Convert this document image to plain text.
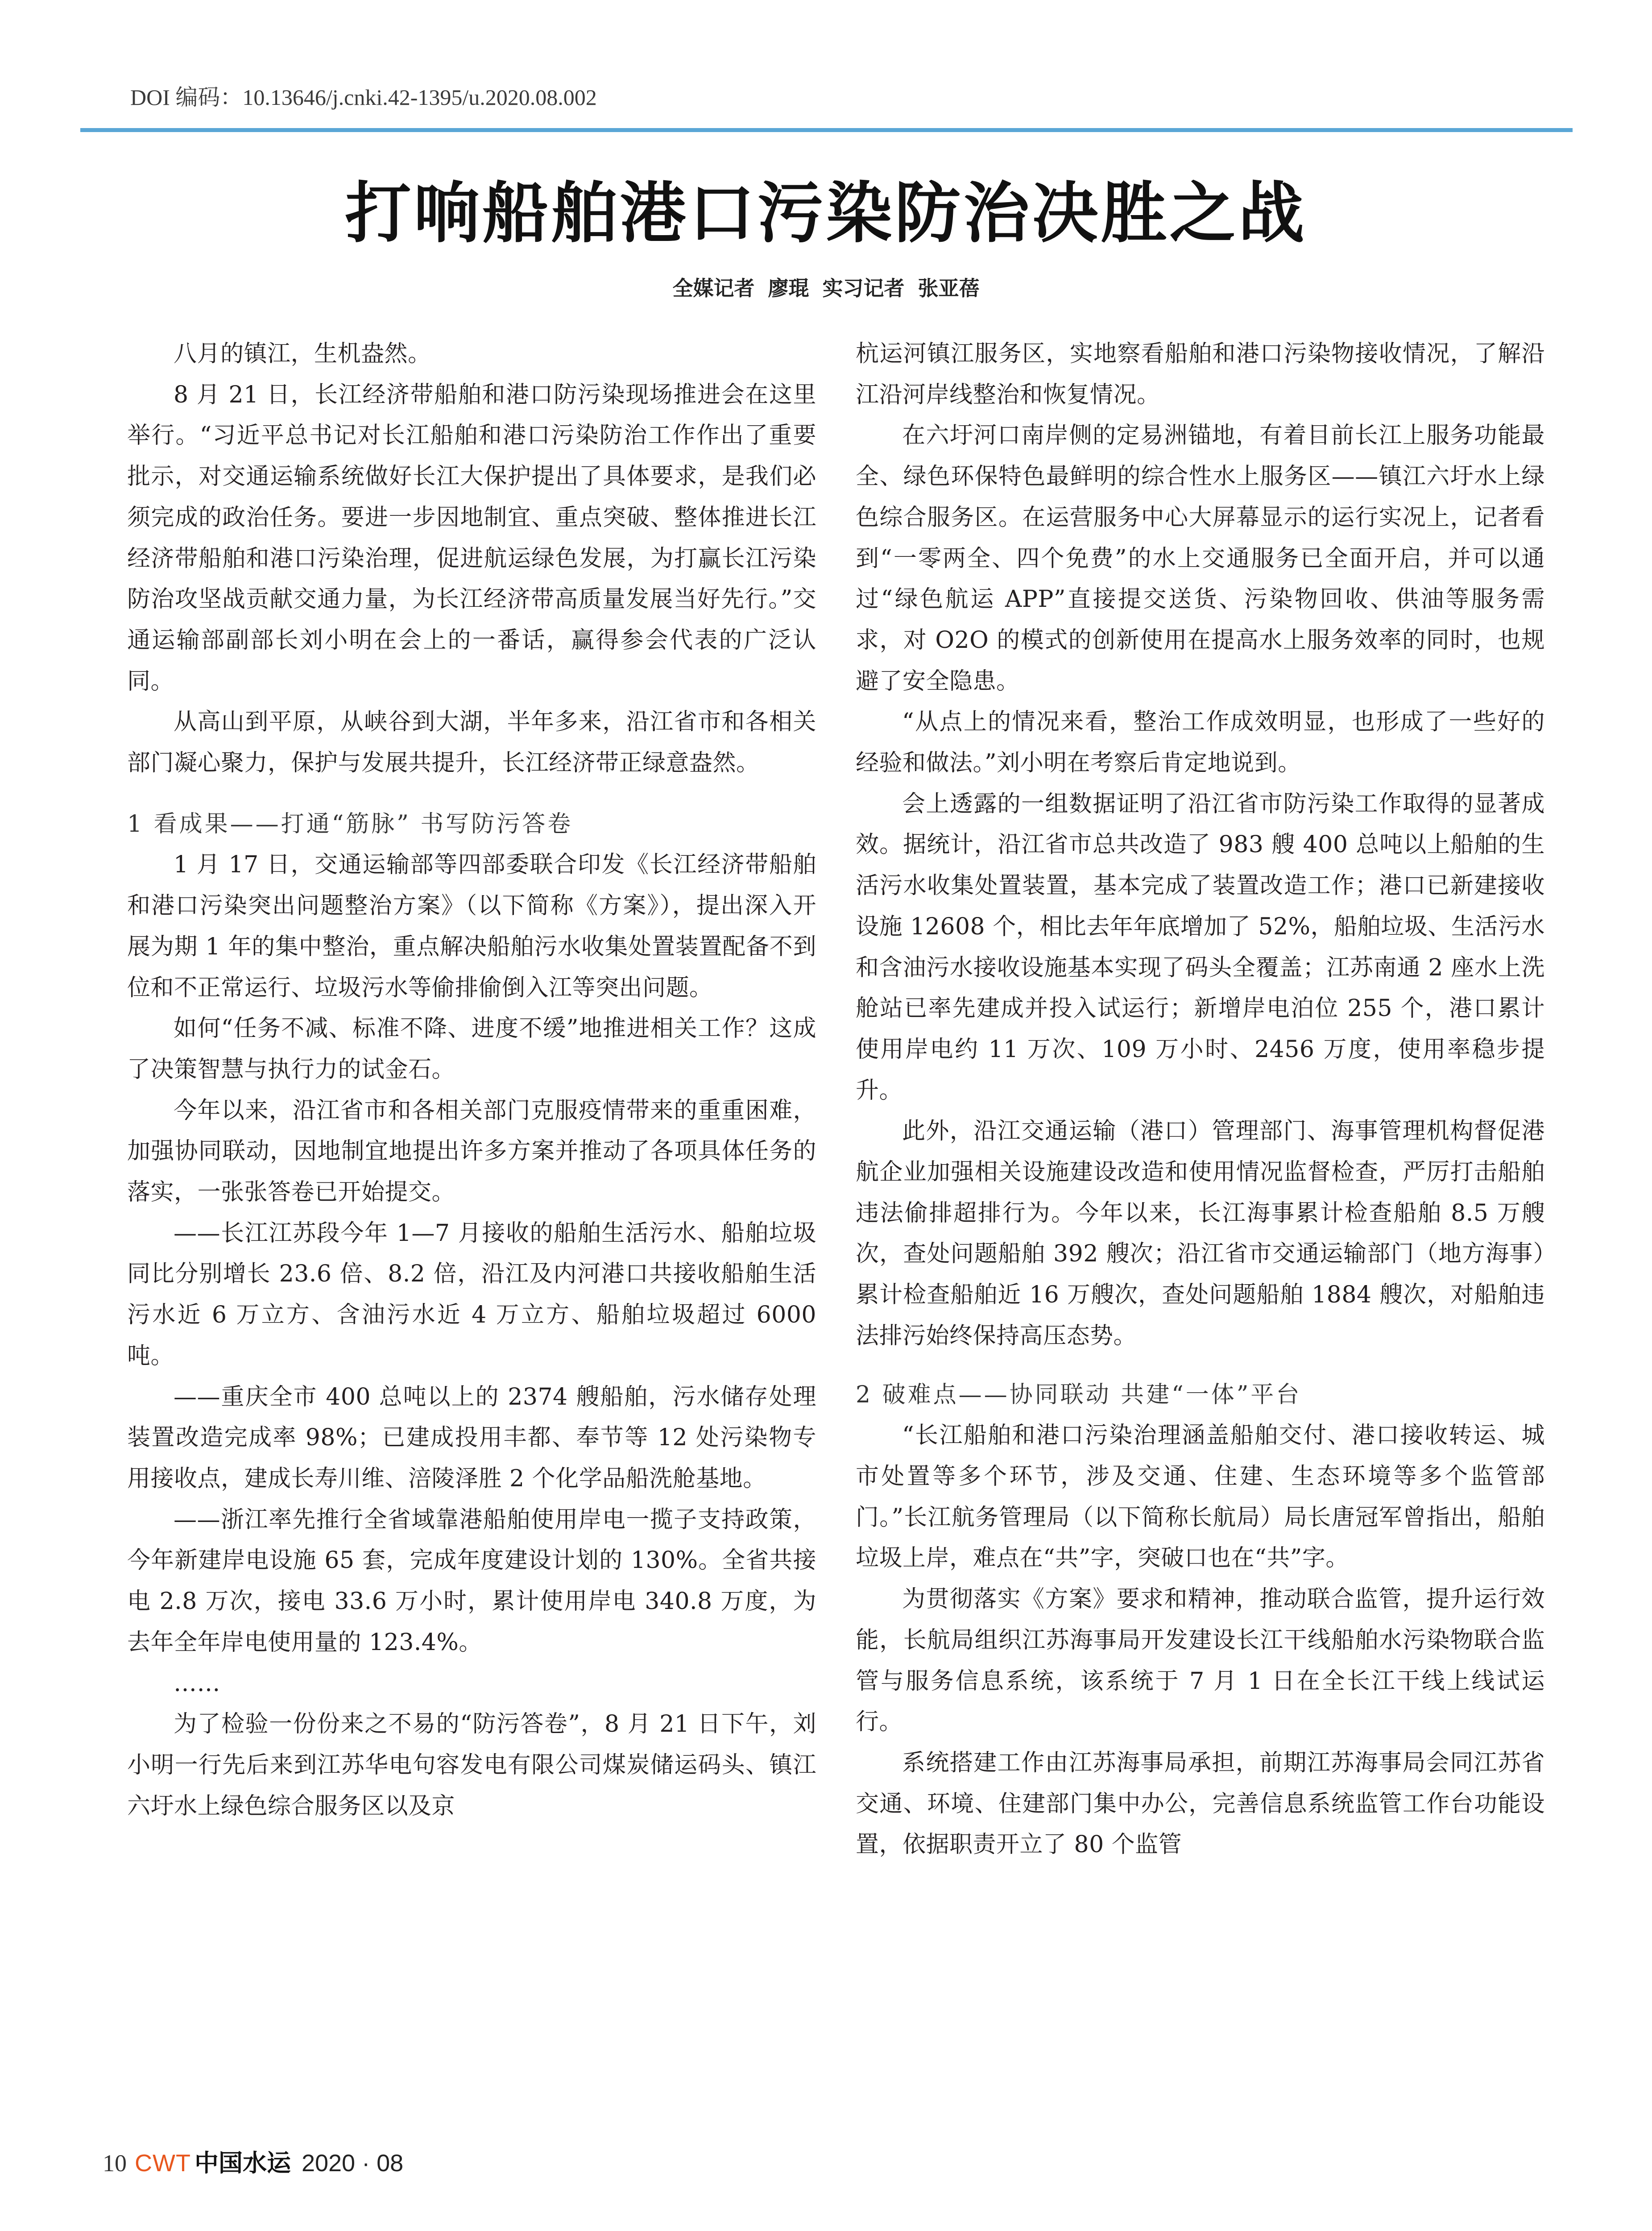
DOI 编码：10.13646/j.cnki.42-1395/u.2020.08.002
打响船舶港口污染防治决胜之战
全媒记者 廖琨 实习记者 张亚蓓

八月的镇江，生机盎然。

8 月 21 日，长江经济带船舶和港口防污染现场推进会在这里举行。“习近平总书记对长江船舶和港口污染防治工作作出了重要批示，对交通运输系统做好长江大保护提出了具体要求，是我们必须完成的政治任务。要进一步因地制宜、重点突破、整体推进长江经济带船舶和港口污染治理，促进航运绿色发展，为打赢长江污染防治攻坚战贡献交通力量，为长江经济带高质量发展当好先行。”交通运输部副部长刘小明在会上的一番话，赢得参会代表的广泛认同。

从高山到平原，从峡谷到大湖，半年多来，沿江省市和各相关部门凝心聚力，保护与发展共提升，长江经济带正绿意盎然。

1 看成果——打通“筋脉” 书写防污答卷

1 月 17 日，交通运输部等四部委联合印发《长江经济带船舶和港口污染突出问题整治方案》（以下简称《方案》），提出深入开展为期 1 年的集中整治，重点解决船舶污水收集处置装置配备不到位和不正常运行、垃圾污水等偷排偷倒入江等突出问题。

如何“任务不减、标准不降、进度不缓”地推进相关工作？这成了决策智慧与执行力的试金石。

今年以来，沿江省市和各相关部门克服疫情带来的重重困难，加强协同联动，因地制宜地提出许多方案并推动了各项具体任务的落实，一张张答卷已开始提交。

——长江江苏段今年 1—7 月接收的船舶生活污水、船舶垃圾同比分别增长 23.6 倍、8.2 倍，沿江及内河港口共接收船舶生活污水近 6 万立方、含油污水近 4 万立方、船舶垃圾超过 6000 吨。

——重庆全市 400 总吨以上的 2374 艘船舶，污水储存处理装置改造完成率 98%；已建成投用丰都、奉节等 12 处污染物专用接收点，建成长寿川维、涪陵泽胜 2 个化学品船洗舱基地。

——浙江率先推行全省域靠港船舶使用岸电一揽子支持政策，今年新建岸电设施 65 套，完成年度建设计划的 130%。全省共接电 2.8 万次，接电 33.6 万小时，累计使用岸电 340.8 万度，为去年全年岸电使用量的 123.4%。

……

为了检验一份份来之不易的“防污答卷”，8 月 21 日下午，刘小明一行先后来到江苏华电句容发电有限公司煤炭储运码头、镇江六圩水上绿色综合服务区以及京

杭运河镇江服务区，实地察看船舶和港口污染物接收情况，了解沿江沿河岸线整治和恢复情况。

在六圩河口南岸侧的定易洲锚地，有着目前长江上服务功能最全、绿色环保特色最鲜明的综合性水上服务区——镇江六圩水上绿色综合服务区。在运营服务中心大屏幕显示的运行实况上，记者看到“一零两全、四个免费”的水上交通服务已全面开启，并可以通过“绿色航运 APP”直接提交送货、污染物回收、供油等服务需求，对 O2O 的模式的创新使用在提高水上服务效率的同时，也规避了安全隐患。

“从点上的情况来看，整治工作成效明显，也形成了一些好的经验和做法。”刘小明在考察后肯定地说到。

会上透露的一组数据证明了沿江省市防污染工作取得的显著成效。据统计，沿江省市总共改造了 983 艘 400 总吨以上船舶的生活污水收集处置装置，基本完成了装置改造工作；港口已新建接收设施 12608 个，相比去年年底增加了 52%，船舶垃圾、生活污水和含油污水接收设施基本实现了码头全覆盖；江苏南通 2 座水上洗舱站已率先建成并投入试运行；新增岸电泊位 255 个，港口累计使用岸电约 11 万次、109 万小时、2456 万度，使用率稳步提升。

此外，沿江交通运输（港口）管理部门、海事管理机构督促港航企业加强相关设施建设改造和使用情况监督检查，严厉打击船舶违法偷排超排行为。今年以来，长江海事累计检查船舶 8.5 万艘次，查处问题船舶 392 艘次；沿江省市交通运输部门（地方海事）累计检查船舶近 16 万艘次，查处问题船舶 1884 艘次，对船舶违法排污始终保持高压态势。

2 破难点——协同联动 共建“一体”平台

“长江船舶和港口污染治理涵盖船舶交付、港口接收转运、城市处置等多个环节，涉及交通、住建、生态环境等多个监管部门。”长江航务管理局（以下简称长航局）局长唐冠军曾指出，船舶垃圾上岸，难点在“共”字，突破口也在“共”字。

为贯彻落实《方案》要求和精神，推动联合监管，提升运行效能，长航局组织江苏海事局开发建设长江干线船舶水污染物联合监管与服务信息系统，该系统于 7 月 1 日在全长江干线上线试运行。

系统搭建工作由江苏海事局承担，前期江苏海事局会同江苏省交通、环境、住建部门集中办公，完善信息系统监管工作台功能设置，依据职责开立了 80 个监管

10 CWT 中国水运 2020 · 08
